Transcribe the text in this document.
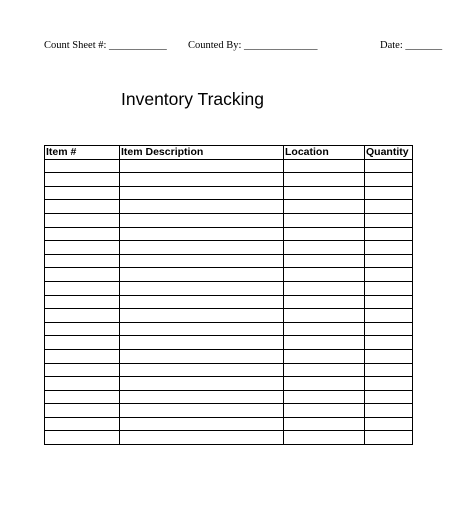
Count Sheet #: ___________ Counted By: ______________	Date: _______
Inventory Tracking
Item #	Item Description	Location	Quantity
